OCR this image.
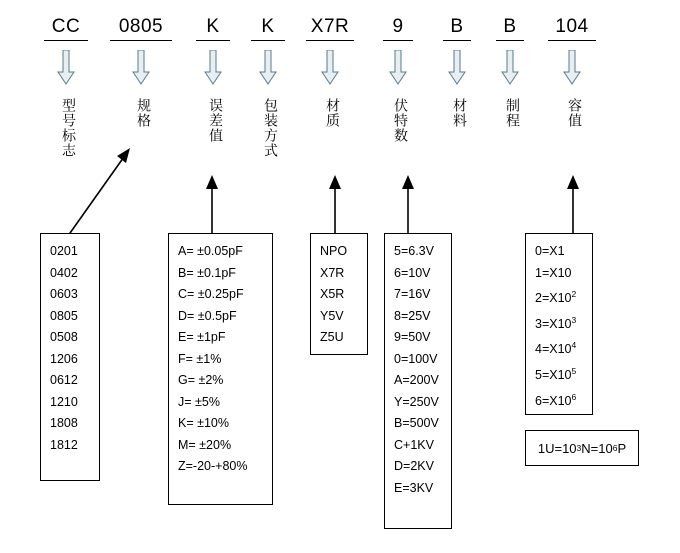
CC	0805	K	K	X7R	9	B	B	104
型号标志	规格	误差值	包装方式	材质	伏特数	材料	制程	容值
0201
0402
0603
0805
0508
1206
0612
1210
1808
1812
A= ±0.05pF
B= ±0.1pF
C= ±0.25pF
D= ±0.5pF
E= ±1pF
F= ±1%
G= ±2%
J= ±5%
K= ±10%
M= ±20%
Z=-20-+80%
NPO
X7R
X5R
Y5V
Z5U
5=6.3V
6=10V
7=16V
8=25V
9=50V
0=100V
A=200V
Y=250V
B=500V
C+1KV
D=2KV
E=3KV
0=X1
1=X10
$2=X10^2$
$3=X10^3$
$4=X10^4$
$5=X10^5$
$6=X10^6$
1U=10 3 N=10 6 P
